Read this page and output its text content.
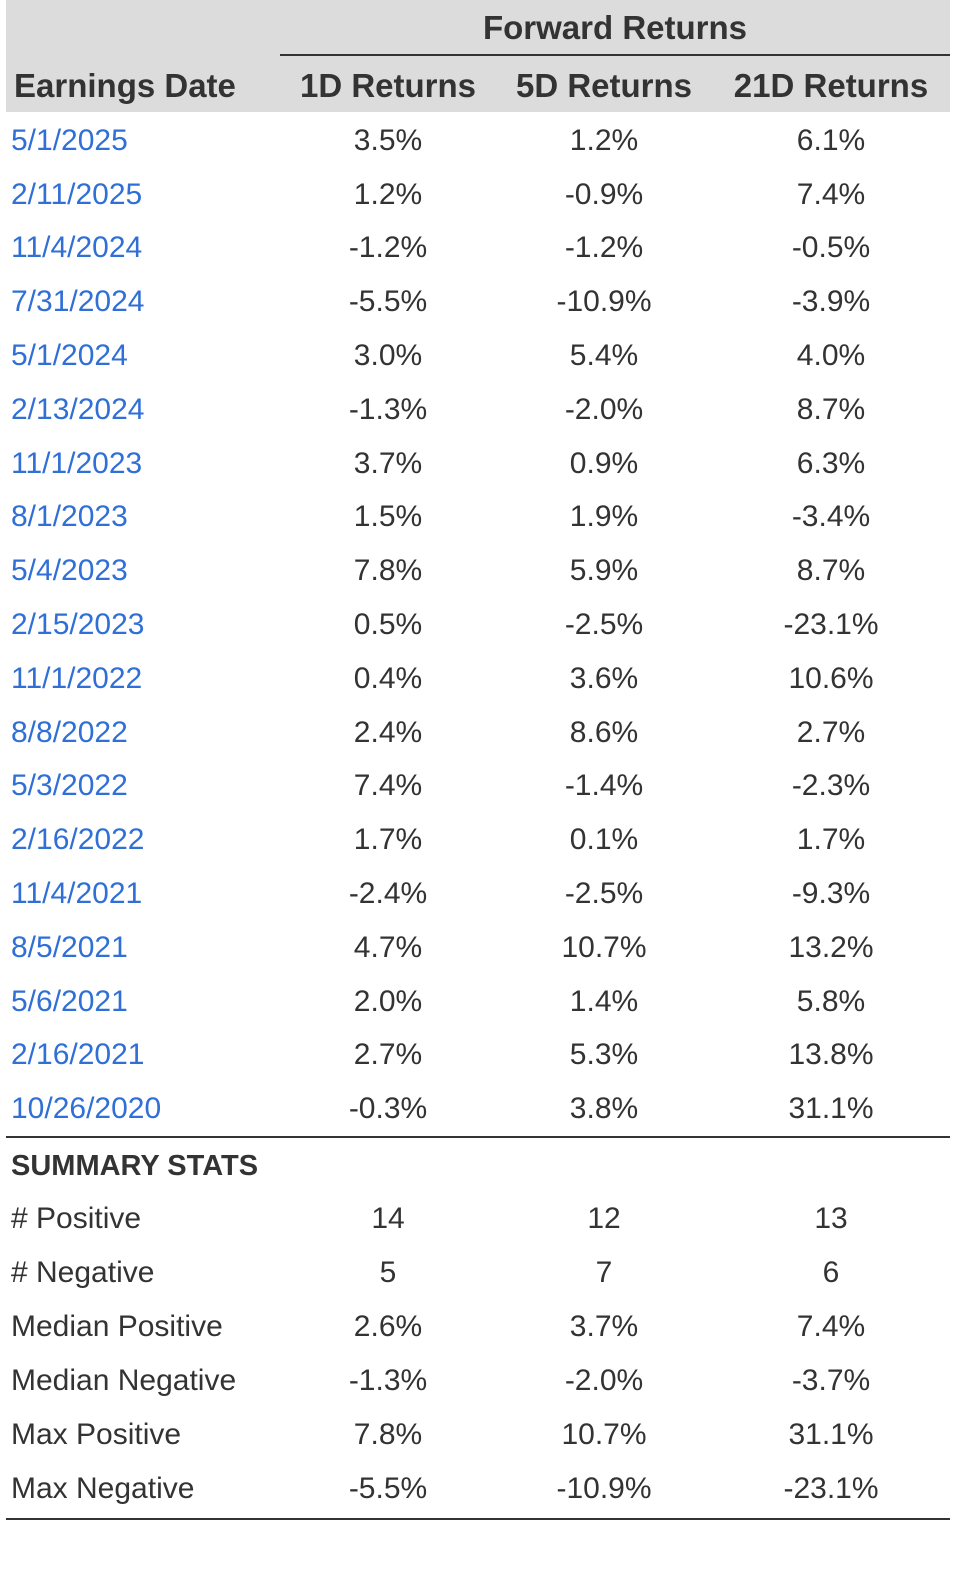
Forward Returns
Earnings Date	1D Returns	5D Returns	21D Returns
5/1/2025	3.5%	1.2%	6.1%
2/11/2025	1.2%	-0.9%	7.4%
11/4/2024	-1.2%	-1.2%	-0.5%
7/31/2024	-5.5%	-10.9%	-3.9%
5/1/2024	3.0%	5.4%	4.0%
2/13/2024	-1.3%	-2.0%	8.7%
11/1/2023	3.7%	0.9%	6.3%
8/1/2023	1.5%	1.9%	-3.4%
5/4/2023	7.8%	5.9%	8.7%
2/15/2023	0.5%	-2.5%	-23.1%
11/1/2022	0.4%	3.6%	10.6%
8/8/2022	2.4%	8.6%	2.7%
5/3/2022	7.4%	-1.4%	-2.3%
2/16/2022	1.7%	0.1%	1.7%
11/4/2021	-2.4%	-2.5%	-9.3%
8/5/2021	4.7%	10.7%	13.2%
5/6/2021	2.0%	1.4%	5.8%
2/16/2021	2.7%	5.3%	13.8%
10/26/2020	-0.3%	3.8%	31.1%
SUMMARY STATS
# Positive	14	12	13
# Negative	5	7	6
Median Positive	2.6%	3.7%	7.4%
Median Negative	-1.3%	-2.0%	-3.7%
Max Positive	7.8%	10.7%	31.1%
Max Negative	-5.5%	-10.9%	-23.1%
